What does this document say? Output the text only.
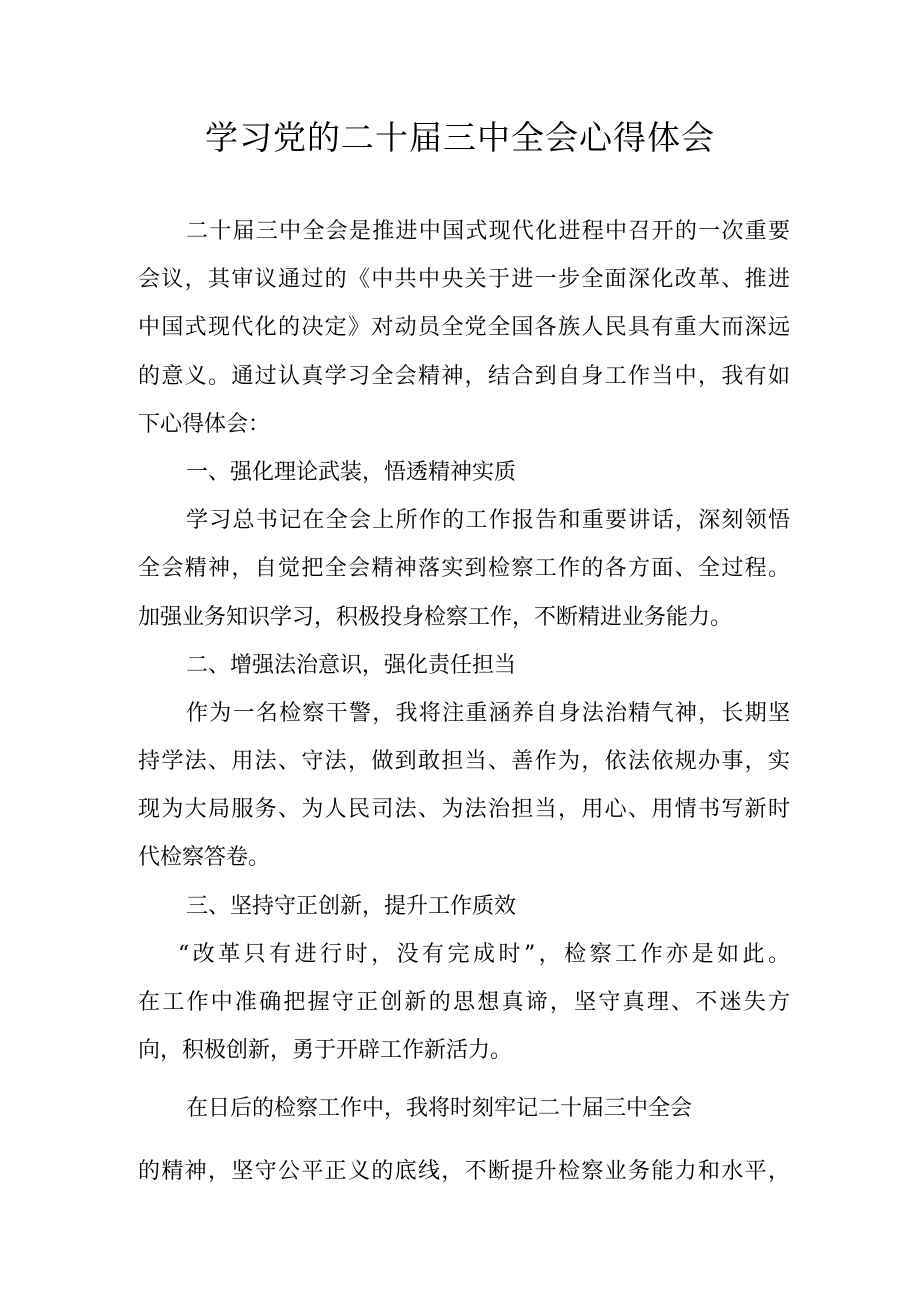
学习党的二十届三中全会心得体会
二十届三中全会是推进中国式现代化进程中召开的一次重要
会议，其审议通过的《中共中央关于进一步全面深化改革、推进
中国式现代化的决定》对动员全党全国各族人民具有重大而深远
的意义。通过认真学习全会精神，结合到自身工作当中，我有如
下心得体会：
一、强化理论武装，悟透精神实质
学习总书记在全会上所作的工作报告和重要讲话，深刻领悟
全会精神，自觉把全会精神落实到检察工作的各方面、全过程。
加强业务知识学习，积极投身检察工作，不断精进业务能力。
二、增强法治意识，强化责任担当
作为一名检察干警，我将注重涵养自身法治精气神，长期坚
持学法、用法、守法，做到敢担当、善作为，依法依规办事，实
现为大局服务、为人民司法、为法治担当，用心、用情书写新时
代检察答卷。
三、坚持守正创新，提升工作质效
“改革只有进行时，没有完成时”，检察工作亦是如此。
在工作中准确把握守正创新的思想真谛，坚守真理、不迷失方
向，积极创新，勇于开辟工作新活力。
在日后的检察工作中，我将时刻牢记二十届三中全会
的精神，坚守公平正义的底线，不断提升检察业务能力和水平，
